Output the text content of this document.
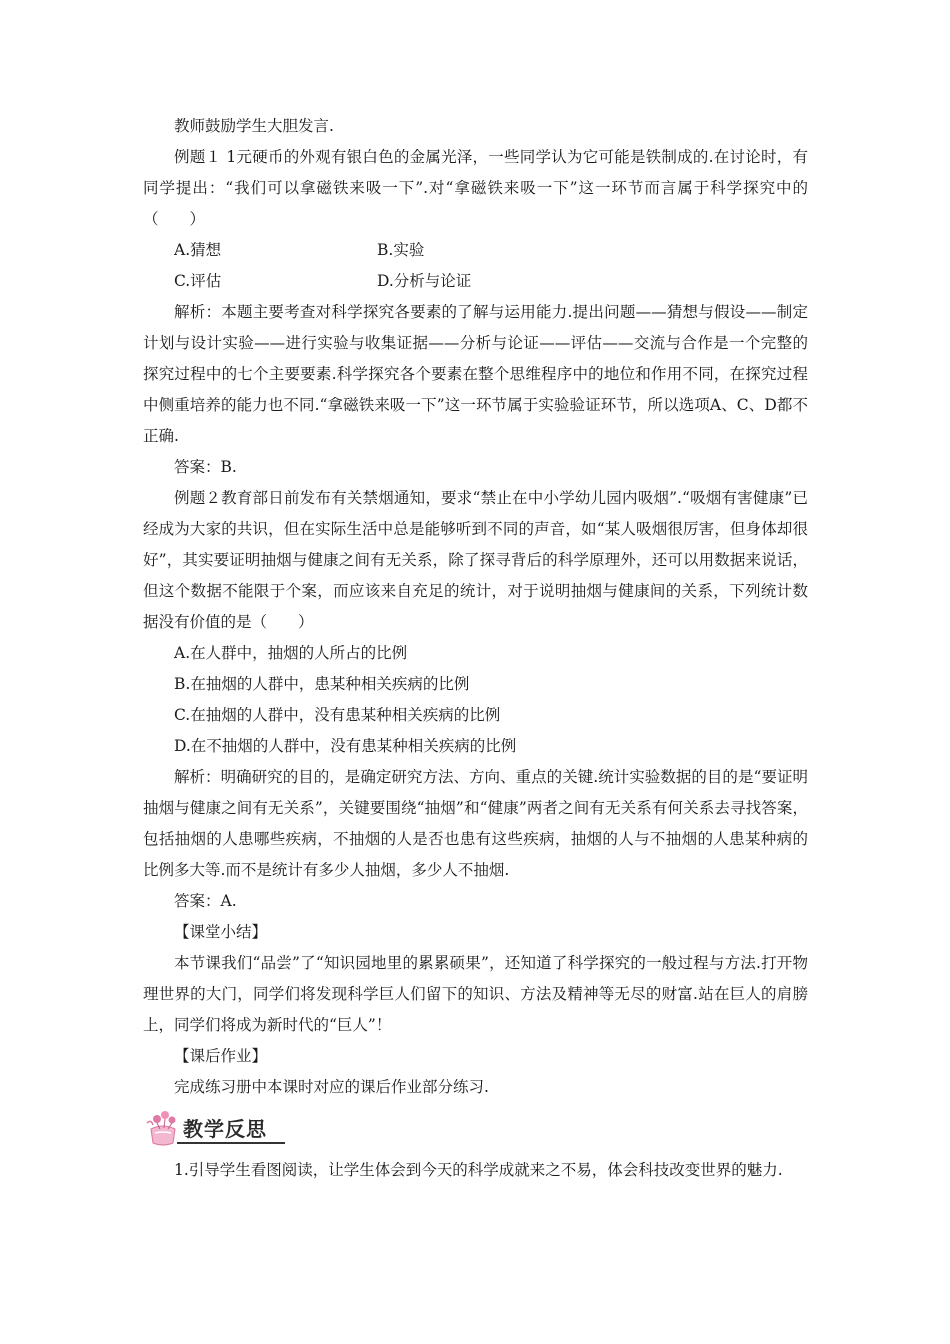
教师鼓励学生大胆发言.

例题１ 1元硬币的外观有银白色的金属光泽，一些同学认为它可能是铁制成的.在讨论时，有同学提出：“我们可以拿磁铁来吸一下”.对“拿磁铁来吸一下”这一环节而言属于科学探究中的（　　）

A.猜想	B.实验
C.评估	D.分析与论证

解析：本题主要考查对科学探究各要素的了解与运用能力.提出问题——猜想与假设——制定计划与设计实验——进行实验与收集证据——分析与论证——评估——交流与合作是一个完整的探究过程中的七个主要要素.科学探究各个要素在整个思维程序中的地位和作用不同，在探究过程中侧重培养的能力也不同.“拿磁铁来吸一下”这一环节属于实验验证环节，所以选项A、C、D都不正确.

答案：B.

例题２教育部日前发布有关禁烟通知，要求“禁止在中小学幼儿园内吸烟”.“吸烟有害健康”已经成为大家的共识，但在实际生活中总是能够听到不同的声音，如“某人吸烟很厉害，但身体却很好”，其实要证明抽烟与健康之间有无关系，除了探寻背后的科学原理外，还可以用数据来说话，但这个数据不能限于个案，而应该来自充足的统计，对于说明抽烟与健康间的关系，下列统计数据没有价值的是（　　）

A.在人群中，抽烟的人所占的比例
B.在抽烟的人群中，患某种相关疾病的比例
C.在抽烟的人群中，没有患某种相关疾病的比例
D.在不抽烟的人群中，没有患某种相关疾病的比例

解析：明确研究的目的，是确定研究方法、方向、重点的关键.统计实验数据的目的是“要证明抽烟与健康之间有无关系”，关键要围绕“抽烟”和“健康”两者之间有无关系有何关系去寻找答案，包括抽烟的人患哪些疾病，不抽烟的人是否也患有这些疾病，抽烟的人与不抽烟的人患某种病的比例多大等.而不是统计有多少人抽烟，多少人不抽烟.

答案：A.

【课堂小结】

本节课我们“品尝”了“知识园地里的累累硕果”，还知道了科学探究的一般过程与方法.打开物理世界的大门，同学们将发现科学巨人们留下的知识、方法及精神等无尽的财富.站在巨人的肩膀上，同学们将成为新时代的“巨人”！

【课后作业】

完成练习册中本课时对应的课后作业部分练习.

教学反思

1.引导学生看图阅读，让学生体会到今天的科学成就来之不易，体会科技改变世界的魅力.
